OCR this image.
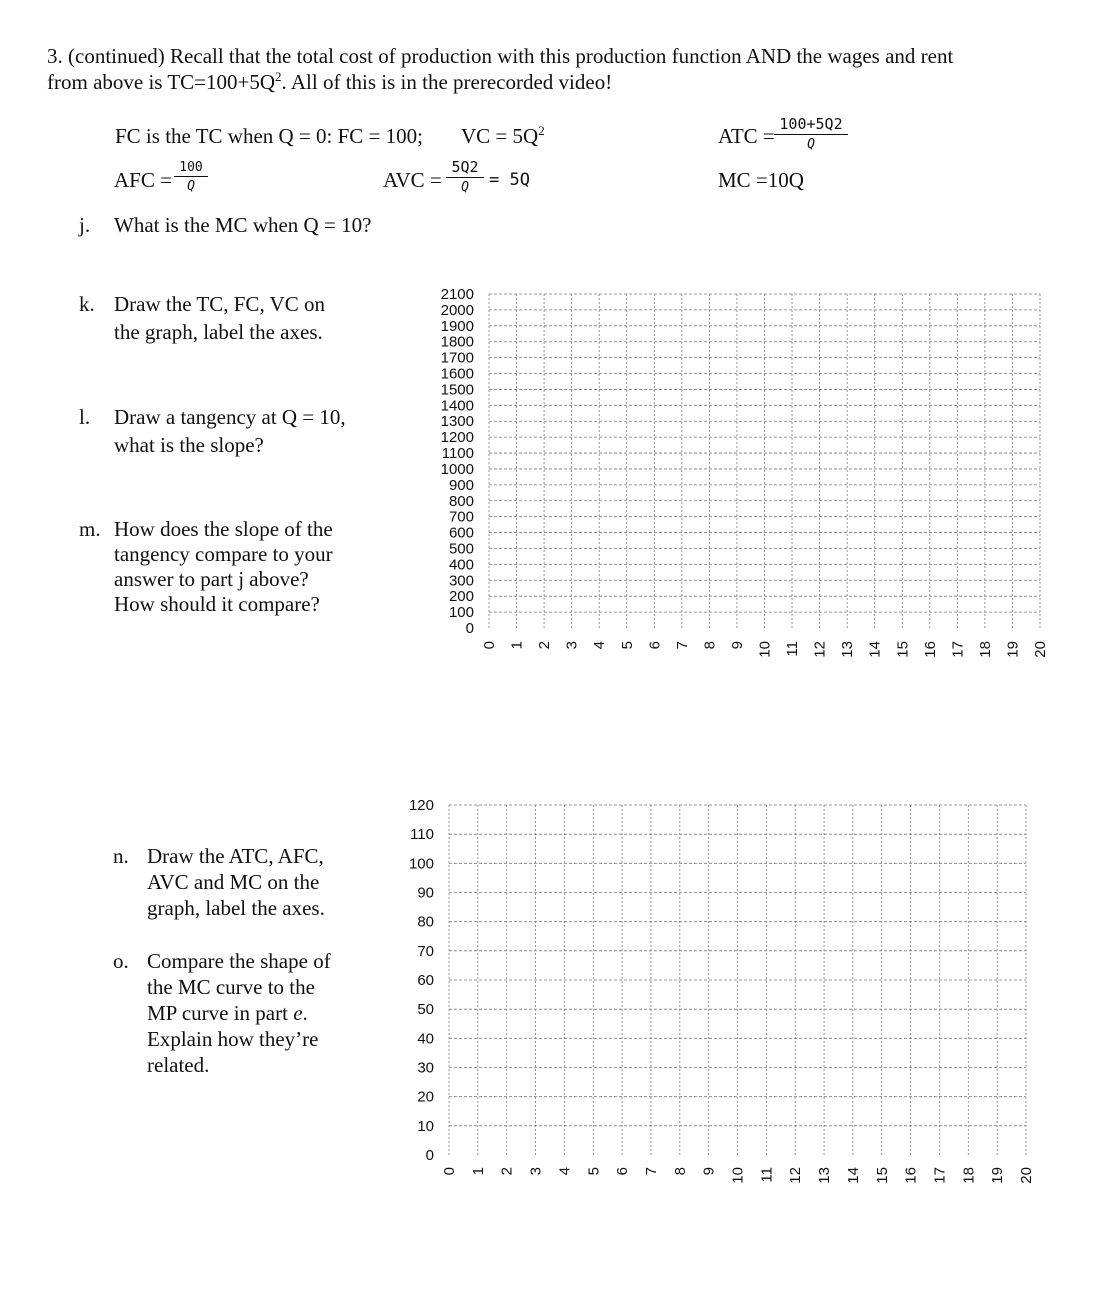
3. (continued) Recall that the total cost of production with this production function AND the wages and rent
from above is $TC=100+5Q^2$. All of this is in the prerecorded video!
FC is the TC when Q = 0: FC = 100; VC = $5Q^2$	ATC = $\frac{100+5Q2}{Q}$
AFC = $\frac{100}{Q}$	AVC = $\frac{5Q2}{Q} = 5Q$	MC =10Q
j. What is the MC when Q = 10?
k. Draw the TC, FC, VC on
the graph, label the axes.
l. Draw a tangency at Q = 10,
what is the slope?
m. How does the slope of the
tangency compare to your
answer to part j above?
How should it compare?
n. Draw the ATC, AFC,
AVC and MC on the
graph, label the axes.
o. Compare the shape of
the MC curve to the
MP curve in part e.
Explain how they’re
related.
0
100
200
300
400
500
600
700
800
900
1000
1100
1200
1300
1400
1500
1600
1700
1800
1900
2000
2100
0 1 2 3 4 5 6 7 8 9 10 11 12 13 14 15 16 17 18 19 20
0
10
20
30
40
50
60
70
80
90
100
110
120
0 1 2 3 4 5 6 7 8 9 10 11 12 13 14 15 16 17 18 19 20
